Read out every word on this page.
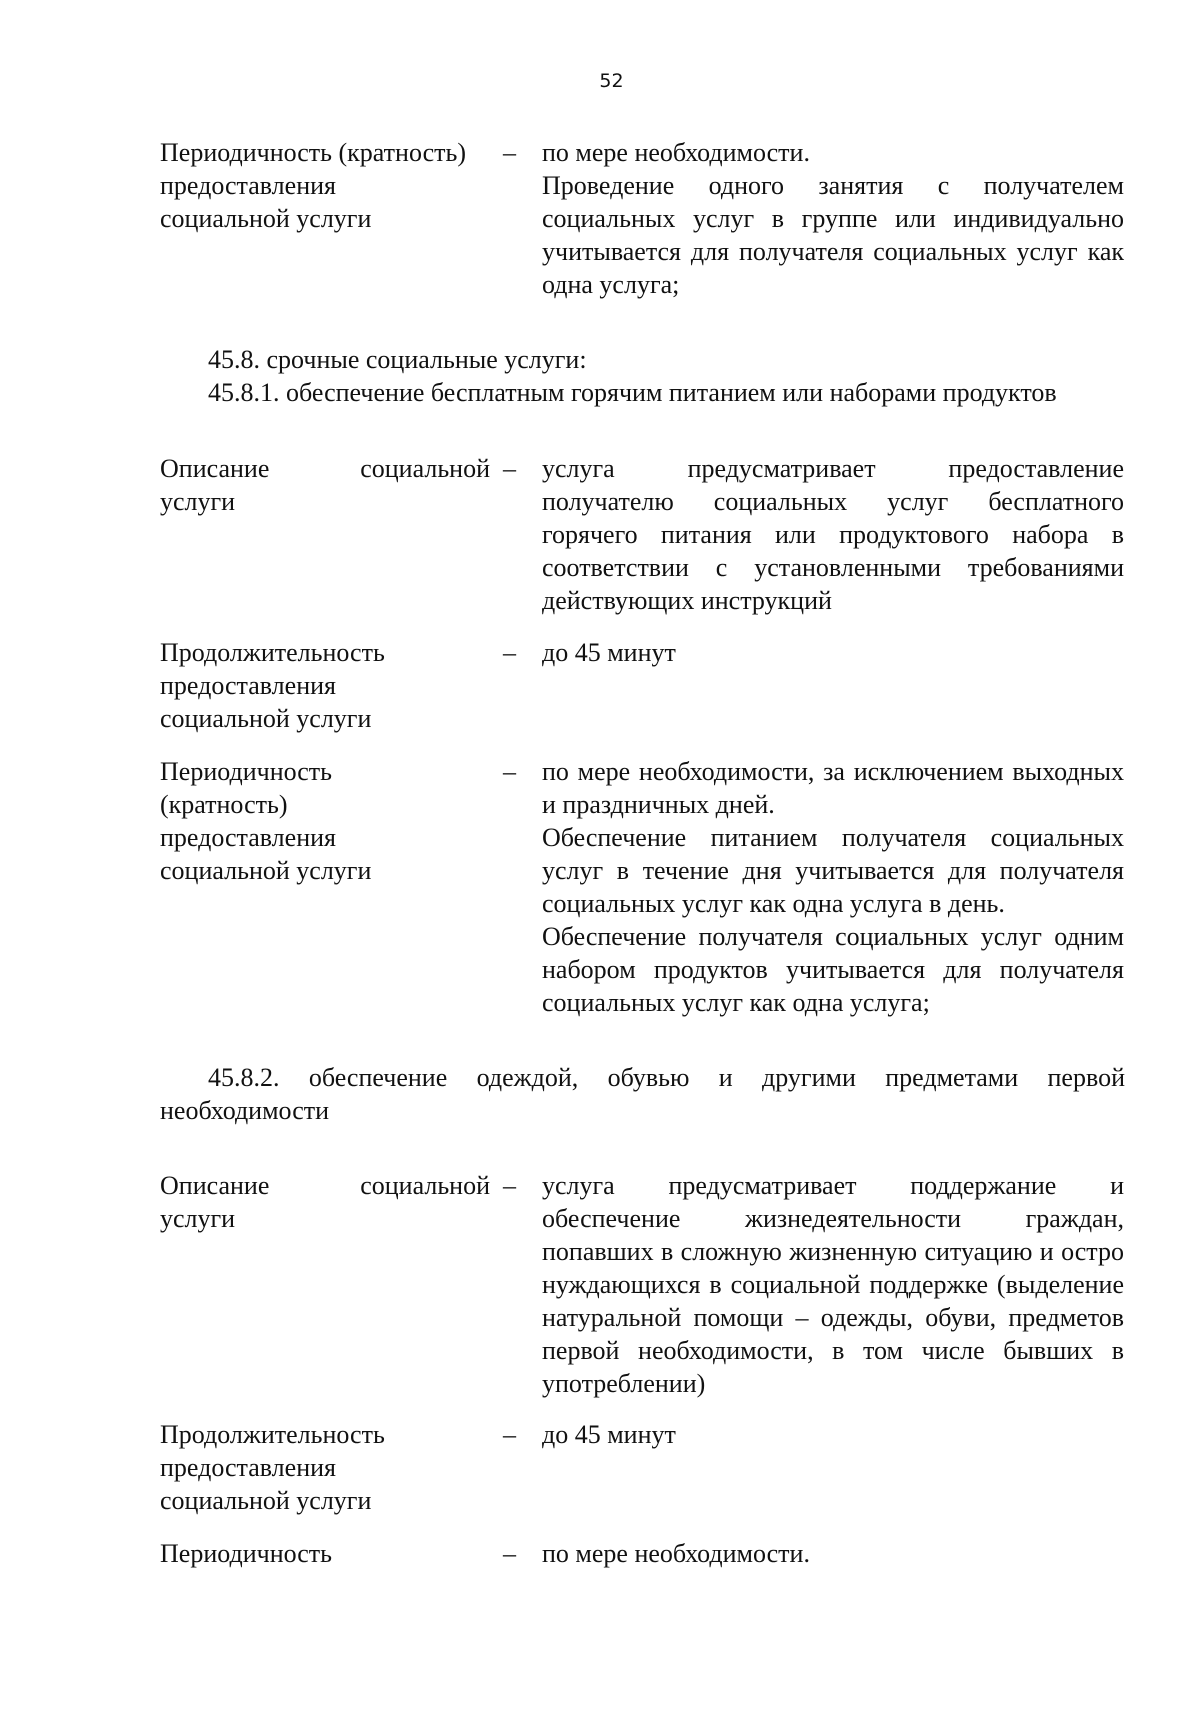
52
Периодичность (кратность)
предоставления
социальной услуги
– по мере необходимости.

Проведение одного занятия с получателем социальных услуг в группе или индивидуально учитывается для получателя социальных услуг как одна услуга;

45.8. срочные социальные услуги:

45.8.1. обеспечение бесплатным горячим питанием или наборами продуктов

Описание	социальной
услуги
– услуга предусматривает предоставление получателю социальных услуг бесплатного горячего питания или продуктового набора в соответствии с установленными требованиями действующих инструкций

Продолжительность
предоставления
социальной услуги
– до 45 минут

Периодичность
(кратность)
предоставления
социальной услуги
– по мере необходимости, за исключением выходных и праздничных дней.

Обеспечение питанием получателя социальных услуг в течение дня учитывается для получателя социальных услуг как одна услуга в день.

Обеспечение получателя социальных услуг одним набором продуктов учитывается для получателя социальных услуг как одна услуга;

45.8.2. обеспечение одеждой, обувью и другими предметами первой необходимости

Описание	социальной
услуги
– услуга предусматривает поддержание и обеспечение жизнедеятельности граждан, попавших в сложную жизненную ситуацию и остро нуждающихся в социальной поддержке (выделение натуральной помощи – одежды, обуви, предметов первой необходимости, в том числе бывших в употреблении)

Продолжительность
предоставления
социальной услуги
– до 45 минут

Периодичность	– по мере необходимости.
